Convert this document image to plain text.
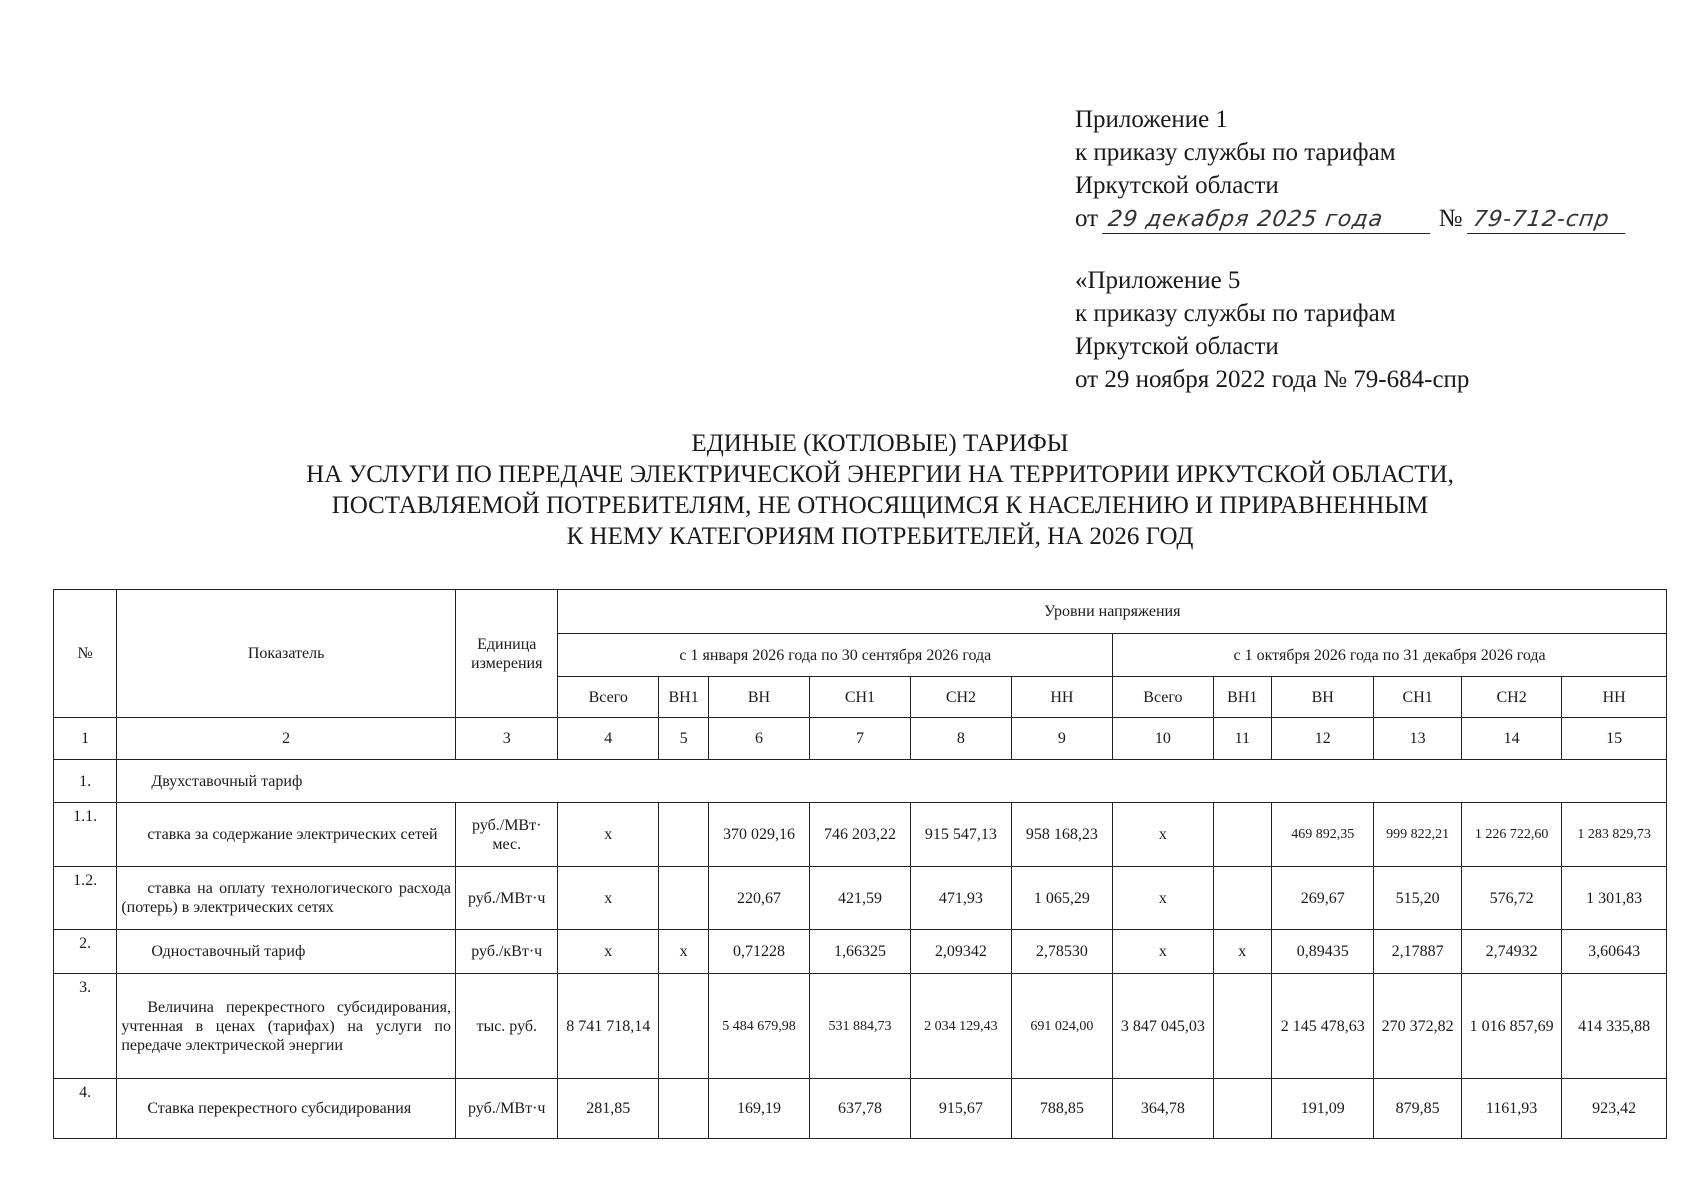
Приложение 1
к приказу службы по тарифам
Иркутской области
от 29 декабря 2025 года № 79-712-спр
«Приложение 5
к приказу службы по тарифам
Иркутской области
от 29 ноября 2022 года № 79-684-спр
ЕДИНЫЕ (КОТЛОВЫЕ) ТАРИФЫ
НА УСЛУГИ ПО ПЕРЕДАЧЕ ЭЛЕКТРИЧЕСКОЙ ЭНЕРГИИ НА ТЕРРИТОРИИ ИРКУТСКОЙ ОБЛАСТИ,
ПОСТАВЛЯЕМОЙ ПОТРЕБИТЕЛЯМ, НЕ ОТНОСЯЩИМСЯ К НАСЕЛЕНИЮ И ПРИРАВНЕННЫМ
К НЕМУ КАТЕГОРИЯМ ПОТРЕБИТЕЛЕЙ, НА 2026 ГОД
№	Показатель	Единица измерения	Уровни напряжения											
			с 1 января 2026 года по 30 сентября 2026 года						с 1 октября 2026 года по 31 декабря 2026 года					
			Всего	ВН1	ВН	СН1	СН2	НН	Всего	ВН1	ВН	СН1	СН2	НН
1	2	3	4	5	6	7	8	9	10	11	12	13	14	15
1.	Двухставочный тариф													
1.1.	ставка за содержание электрических сетей	руб./МВт· мес.	х		370 029,16	746 203,22	915 547,13	958 168,23	х		469 892,35	999 822,21	1 226 722,60	1 283 829,73
1.2.	ставка на оплату технологического расхода (потерь) в электрических сетях	руб./МВт·ч	х		220,67	421,59	471,93	1 065,29	х		269,67	515,20	576,72	1 301,83
2.	Одноставочный тариф	руб./кВт·ч	х	х	0,71228	1,66325	2,09342	2,78530	х	х	0,89435	2,17887	2,74932	3,60643
3.	Величина перекрестного субсидирования, учтенная в ценах (тарифах) на услуги по передаче электрической энергии	тыс. руб.	8 741 718,14		5 484 679,98	531 884,73	2 034 129,43	691 024,00	3 847 045,03		2 145 478,63	270 372,82	1 016 857,69	414 335,88
4.	Ставка перекрестного субсидирования	руб./МВт·ч	281,85		169,19	637,78	915,67	788,85	364,78		191,09	879,85	1161,93	923,42
